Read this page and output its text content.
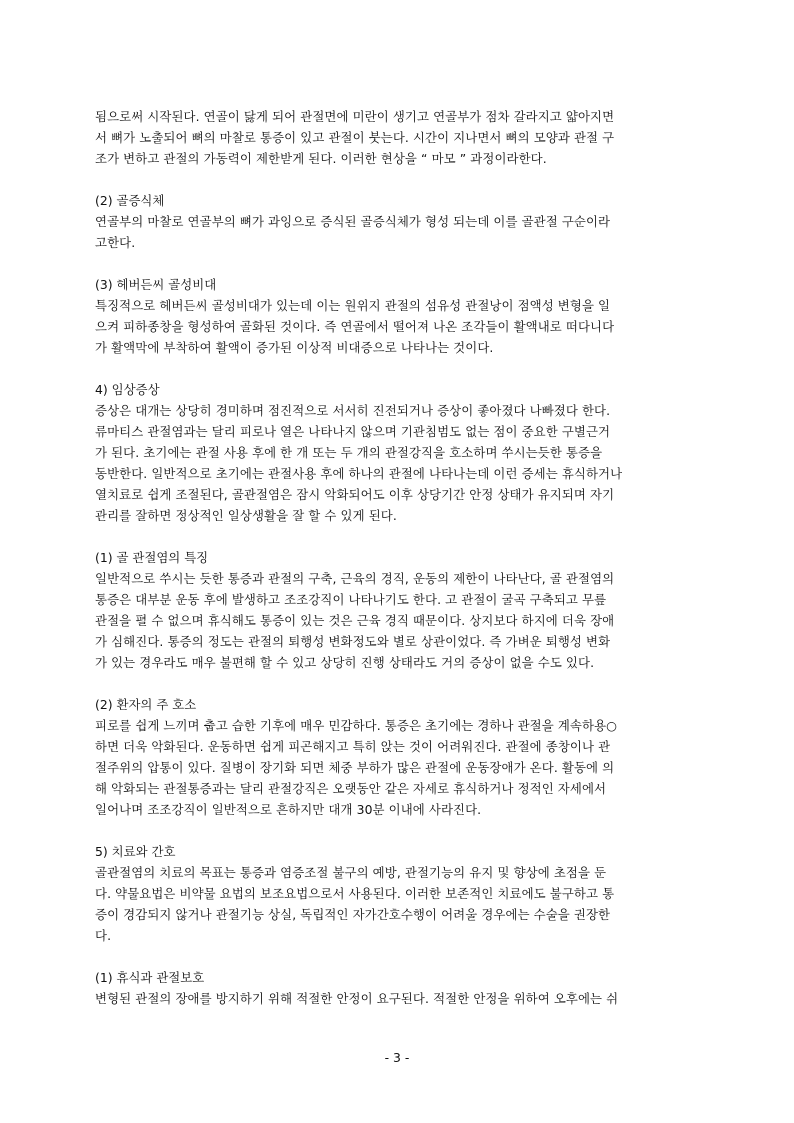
됨으로써 시작된다. 연골이 닳게 되어 관절면에 미란이 생기고 연골부가 점차 갈라지고 얇아지면

서 뼈가 노출되어 뼈의 마찰로 통증이 있고 관절이 붓는다. 시간이 지나면서 뼈의 모양과 관절 구

조가 변하고 관절의 가동력이 제한받게 된다. 이러한 현상을 “ 마모 ” 과정이라한다.

(2) 골증식체

연골부의 마찰로 연골부의 뼈가 과잉으로 증식된 골증식체가 형성 되는데 이를 골관절 구순이라

고한다.

(3) 헤버든씨 골성비대

특징적으로 헤버든씨 골성비대가 있는데 이는 원위지 관절의 섬유성 관절낭이 점액성 변형을 일

으켜 피하종창을 형성하여 골화된 것이다. 즉 연골에서 떨어져 나온 조각들이 활액내로 떠다니다

가 활액막에 부착하여 활액이 증가된 이상적 비대증으로 나타나는 것이다.

4) 임상증상

증상은 대개는 상당히 경미하며 점진적으로 서서히 진전되거나 증상이 좋아졌다 나빠졌다 한다.

류마티스 관절염과는 달리 피로나 열은 나타나지 않으며 기관침범도 없는 점이 중요한 구별근거

가 된다. 초기에는 관절 사용 후에 한 개 또는 두 개의 관절강직을 호소하며 쑤시는듯한 통증을

동반한다. 일반적으로 초기에는 관절사용 후에 하나의 관절에 나타나는데 이런 증세는 휴식하거나

열치료로 쉽게 조절된다, 골관절염은 잠시 악화되어도 이후 상당기간 안정 상태가 유지되며 자기

관리를 잘하면 정상적인 일상생활을 잘 할 수 있게 된다.

(1) 골 관절염의 특징

일반적으로 쑤시는 듯한 통증과 관절의 구축, 근육의 경직, 운동의 제한이 나타난다, 골 관절염의

통증은 대부분 운동 후에 발생하고 조조강직이 나타나기도 한다. 고 관절이 굴곡 구축되고 무릎

관절을 펼 수 없으며 휴식해도 통증이 있는 것은 근육 경직 때문이다. 상지보다 하지에 더욱 장애

가 심해진다. 통증의 정도는 관절의 퇴행성 변화정도와 별로 상관이었다. 즉 가벼운 퇴행성 변화

가 있는 경우라도 매우 불편해 할 수 있고 상당히 진행 상태라도 거의 증상이 없을 수도 있다.

(2) 환자의 주 호소

피로를 쉽게 느끼며 춥고 습한 기후에 매우 민감하다. 통증은 초기에는 경하나 관절을 계속하용○

하면 더욱 악화된다. 운동하면 쉽게 피곤해지고 특히 앉는 것이 어려워진다. 관절에 종창이나 관

절주위의 압통이 있다. 질병이 장기화 되면 체중 부하가 많은 관절에 운동장애가 온다. 활동에 의

해 악화되는 관절통증과는 달리 관절강직은 오랫동안 같은 자세로 휴식하거나 정적인 자세에서

일어나며 조조강직이 일반적으로 흔하지만 대개 30분 이내에 사라진다.

5) 치료와 간호

골관절염의 치료의 목표는 통증과 염증조절 불구의 예방, 관절기능의 유지 및 향상에 초점을 둔

다. 약물요법은 비약물 요법의 보조요법으로서 사용된다. 이러한 보존적인 치료에도 불구하고 통

증이 경감되지 않거나 관절기능 상실, 독립적인 자가간호수행이 어려울 경우에는 수술을 권장한

다.

(1) 휴식과 관절보호

변형된 관절의 장애를 방지하기 위해 적절한 안정이 요구된다. 적절한 안정을 위하여 오후에는 쉬

- 3 -
